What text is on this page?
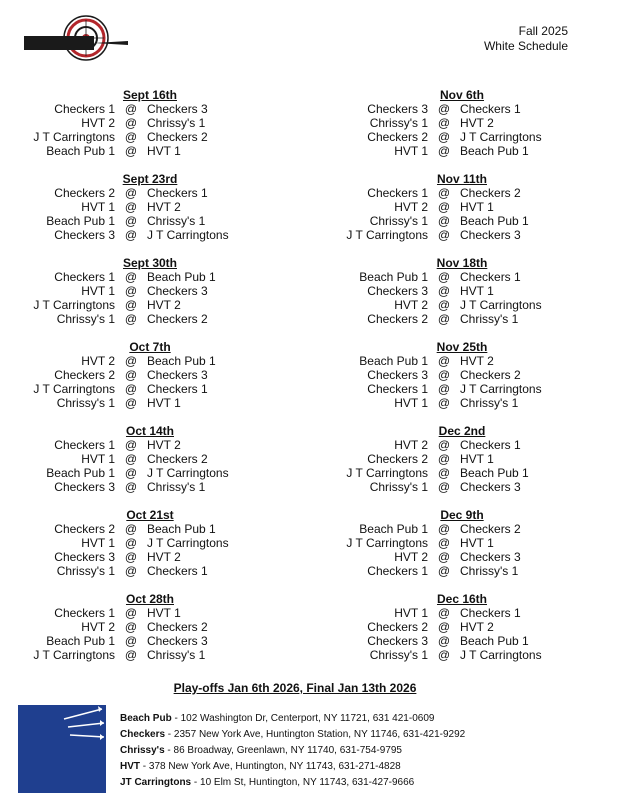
Fall 2025
White Schedule
Sept 16th
Checkers 1 @ Checkers 3
HVT 2 @ Chrissy's 1
J T Carringtons @ Checkers 2
Beach Pub 1 @ HVT 1
Sept 23rd
Checkers 2 @ Checkers 1
HVT 1 @ HVT 2
Beach Pub 1 @ Chrissy's 1
Checkers 3 @ J T Carringtons
Sept 30th
Checkers 1 @ Beach Pub 1
HVT 1 @ Checkers 3
J T Carringtons @ HVT 2
Chrissy's 1 @ Checkers 2
Oct 7th
HVT 2 @ Beach Pub 1
Checkers 2 @ Checkers 3
J T Carringtons @ Checkers 1
Chrissy's 1 @ HVT 1
Oct 14th
Checkers 1 @ HVT 2
HVT 1 @ Checkers 2
Beach Pub 1 @ J T Carringtons
Checkers 3 @ Chrissy's 1
Oct 21st
Checkers 2 @ Beach Pub 1
HVT 1 @ J T Carringtons
Checkers 3 @ HVT 2
Chrissy's 1 @ Checkers 1
Oct 28th
Checkers 1 @ HVT 1
HVT 2 @ Checkers 2
Beach Pub 1 @ Checkers 3
J T Carringtons @ Chrissy's 1
Nov 6th
Checkers 3 @ Checkers 1
Chrissy's 1 @ HVT 2
Checkers 2 @ J T Carringtons
HVT 1 @ Beach Pub 1
Nov 11th
Checkers 1 @ Checkers 2
HVT 2 @ HVT 1
Chrissy's 1 @ Beach Pub 1
J T Carringtons @ Checkers 3
Nov 18th
Beach Pub 1 @ Checkers 1
Checkers 3 @ HVT 1
HVT 2 @ J T Carringtons
Checkers 2 @ Chrissy's 1
Nov 25th
Beach Pub 1 @ HVT 2
Checkers 3 @ Checkers 2
Checkers 1 @ J T Carringtons
HVT 1 @ Chrissy's 1
Dec 2nd
HVT 2 @ Checkers 1
Checkers 2 @ HVT 1
J T Carringtons @ Beach Pub 1
Chrissy's 1 @ Checkers 3
Dec 9th
Beach Pub 1 @ Checkers 2
J T Carringtons @ HVT 1
HVT 2 @ Checkers 3
Checkers 1 @ Chrissy's 1
Dec 16th
HVT 1 @ Checkers 1
Checkers 2 @ HVT 2
Checkers 3 @ Beach Pub 1
Chrissy's 1 @ J T Carringtons
Play-offs Jan 6th 2026, Final Jan 13th 2026
Beach Pub - 102 Washington Dr, Centerport, NY 11721, 631 421-0609
Checkers - 2357 New York Ave, Huntington Station, NY 11746, 631-421-9292
Chrissy's - 86 Broadway, Greenlawn, NY 11740, 631-754-9795
HVT - 378 New York Ave, Huntington, NY 11743, 631-271-4828
JT Carringtons - 10 Elm St, Huntington, NY 11743, 631-427-9666
